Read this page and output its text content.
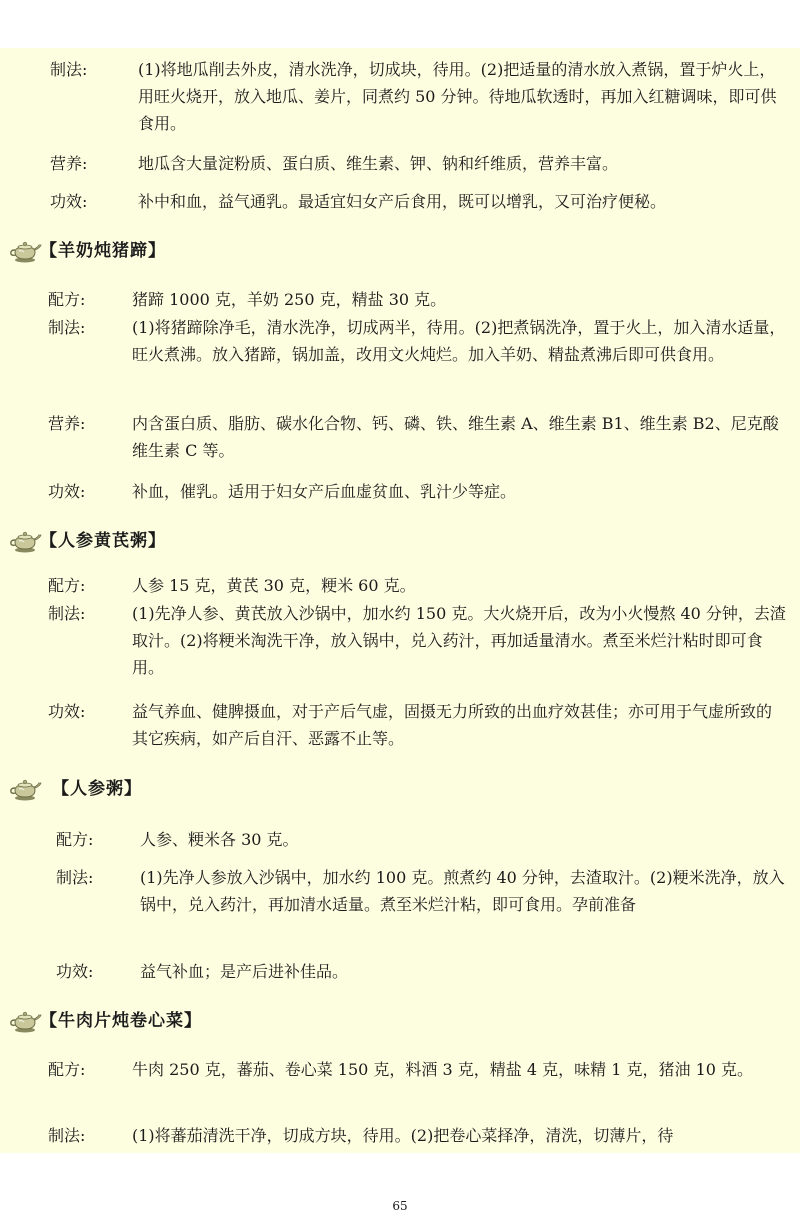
制法:	(1)将地瓜削去外皮，清水洗净，切成块，待用。(2)把适量的清水放入煮锅，置于炉火上，用旺火烧开，放入地瓜、姜片，同煮约 50 分钟。待地瓜软透时，再加入红糖调味，即可供食用。
营养:	地瓜含大量淀粉质、蛋白质、维生素、钾、钠和纤维质，营养丰富。
功效:	补中和血，益气通乳。最适宜妇女产后食用，既可以增乳，又可治疗便秘。
【羊奶炖猪蹄】
配方:	猪蹄 1000 克，羊奶 250 克，精盐 30 克。
制法:	(1)将猪蹄除净毛，清水洗净，切成两半，待用。(2)把煮锅洗净，置于火上，加入清水适量，旺火煮沸。放入猪蹄，锅加盖，改用文火炖烂。加入羊奶、精盐煮沸后即可供食用。
营养:	内含蛋白质、脂肪、碳水化合物、钙、磷、铁、维生素 A、维生素 B1、维生素 B2、尼克酸维生素 C 等。
功效:	补血，催乳。适用于妇女产后血虚贫血、乳汁少等症。
【人参黄芪粥】
配方:	人参 15 克，黄芪 30 克，粳米 60 克。
制法:	(1)先净人参、黄芪放入沙锅中，加水约 150 克。大火烧开后，改为小火慢熬 40 分钟，去渣取汁。(2)将粳米淘洗干净，放入锅中，兑入药汁，再加适量清水。煮至米烂汁粘时即可食用。
功效:	益气养血、健脾摄血，对于产后气虚，固摄无力所致的出血疗效甚佳；亦可用于气虚所致的其它疾病，如产后自汗、恶露不止等。
【人参粥】
配方:	人参、粳米各 30 克。
制法:	(1)先净人参放入沙锅中，加水约 100 克。煎煮约 40 分钟，去渣取汁。(2)粳米洗净，放入锅中，兑入药汁，再加清水适量。煮至米烂汁粘，即可食用。孕前准备
功效:	益气补血；是产后进补佳品。
【牛肉片炖卷心菜】
配方:	牛肉 250 克，蕃茄、卷心菜 150 克，料酒 3 克，精盐 4 克，味精 1 克，猪油 10 克。
制法:	(1)将蕃茄清洗干净，切成方块，待用。(2)把卷心菜择净，清洗，切薄片，待
65
